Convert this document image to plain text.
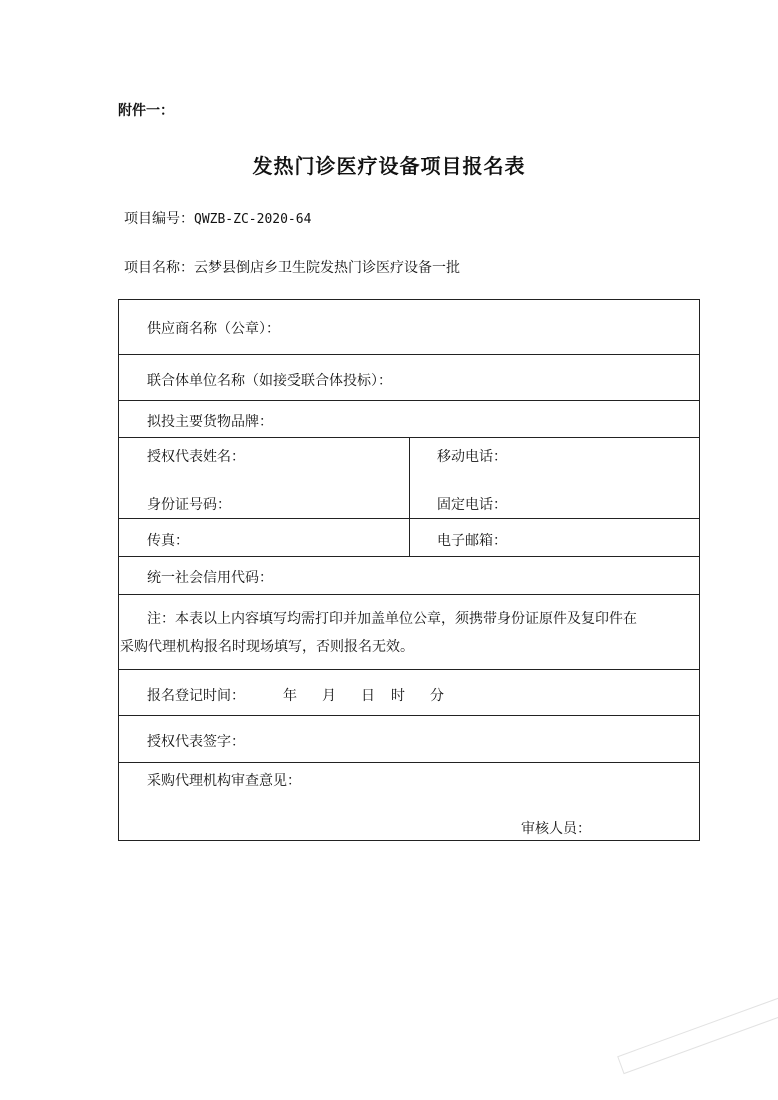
附件一：
发热门诊医疗设备项目报名表
项目编号：QWZB-ZC-2020-64
项目名称：云梦县倒店乡卫生院发热门诊医疗设备一批
供应商名称（公章）：
联合体单位名称（如接受联合体投标）：
拟投主要货物品牌：
授权代表姓名：	移动电话：
身份证号码：	固定电话：
传真：	电子邮箱：
统一社会信用代码：
注：本表以上内容填写均需打印并加盖单位公章，须携带身份证原件及复印件在
采购代理机构报名时现场填写，否则报名无效。
报名登记时间：	年 月 日 时 分
授权代表签字：
采购代理机构审查意见：
审核人员：
​
